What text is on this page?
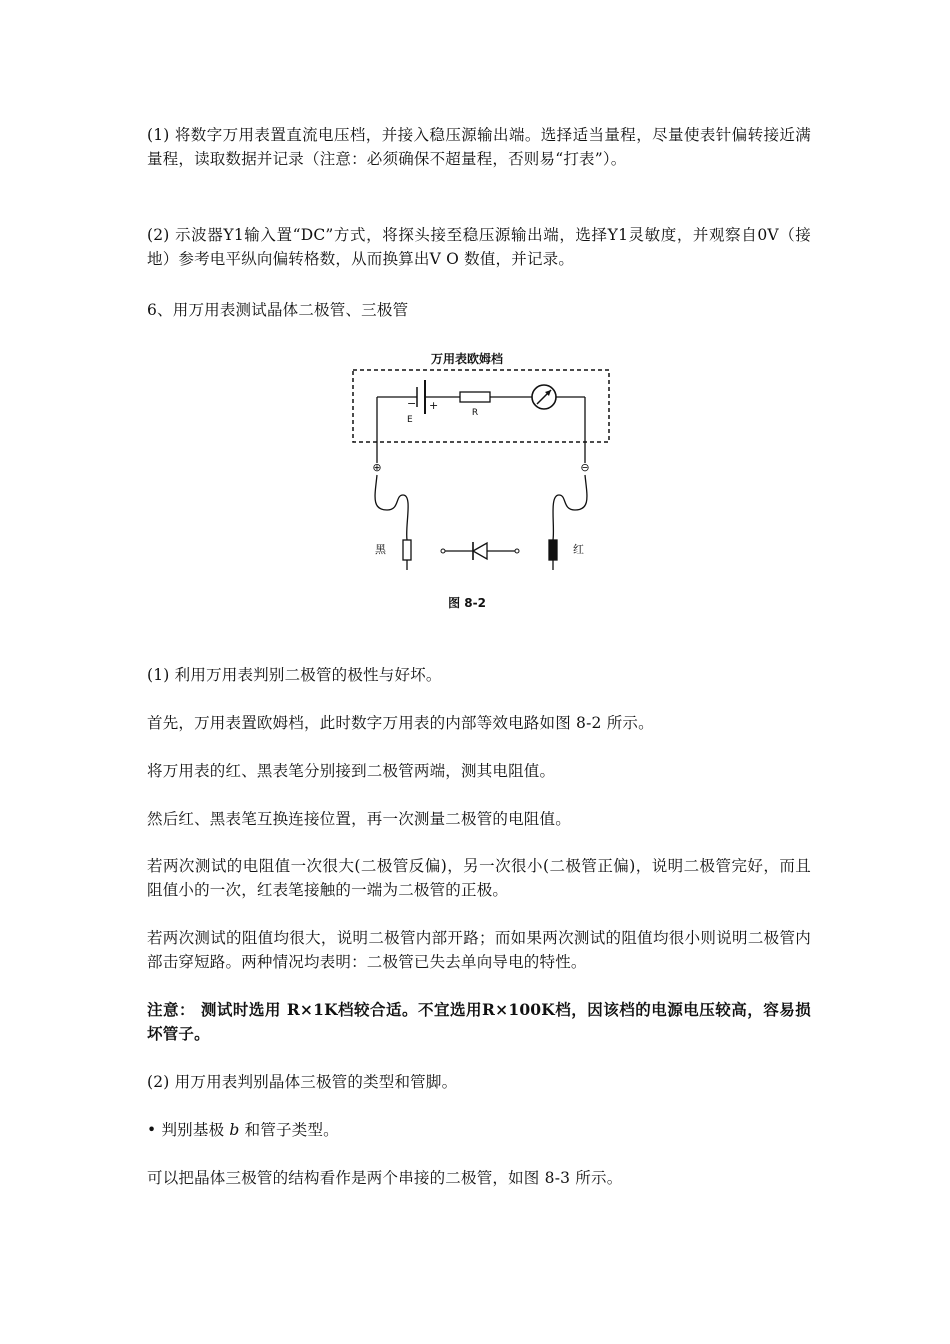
(1) 将数字万用表置直流电压档，并接入稳压源输出端。选择适当量程，尽量使表针偏转接近满量程，读取数据并记录（注意：必须确保不超量程，否则易“打表”）。

(2) 示波器Y1输入置“DC”方式，将探头接至稳压源输出端，选择Y1灵敏度，并观察自0V（接地）参考电平纵向偏转格数，从而换算出V O 数值，并记录。

6、用万用表测试晶体二极管、三极管

万用表欧姆档
− +
E
R
⊕	⊖
黑	红
图 8-2

(1) 利用万用表判别二极管的极性与好坏。

首先，万用表置欧姆档，此时数字万用表的内部等效电路如图 8-2 所示。

将万用表的红、黑表笔分别接到二极管两端，测其电阻值。

然后红、黑表笔互换连接位置，再一次测量二极管的电阻值。

若两次测试的电阻值一次很大(二极管反偏)，另一次很小(二极管正偏)，说明二极管完好，而且阻值小的一次，红表笔接触的一端为二极管的正极。

若两次测试的阻值均很大，说明二极管内部开路；而如果两次测试的阻值均很小则说明二极管内部击穿短路。两种情况均表明：二极管已失去单向导电的特性。

注意： 测试时选用 R×1K档较合适。不宜选用R×100K档，因该档的电源电压较高，容易损坏管子。

(2) 用万用表判别晶体三极管的类型和管脚。

• 判别基极 b 和管子类型。

可以把晶体三极管的结构看作是两个串接的二极管，如图 8-3 所示。
